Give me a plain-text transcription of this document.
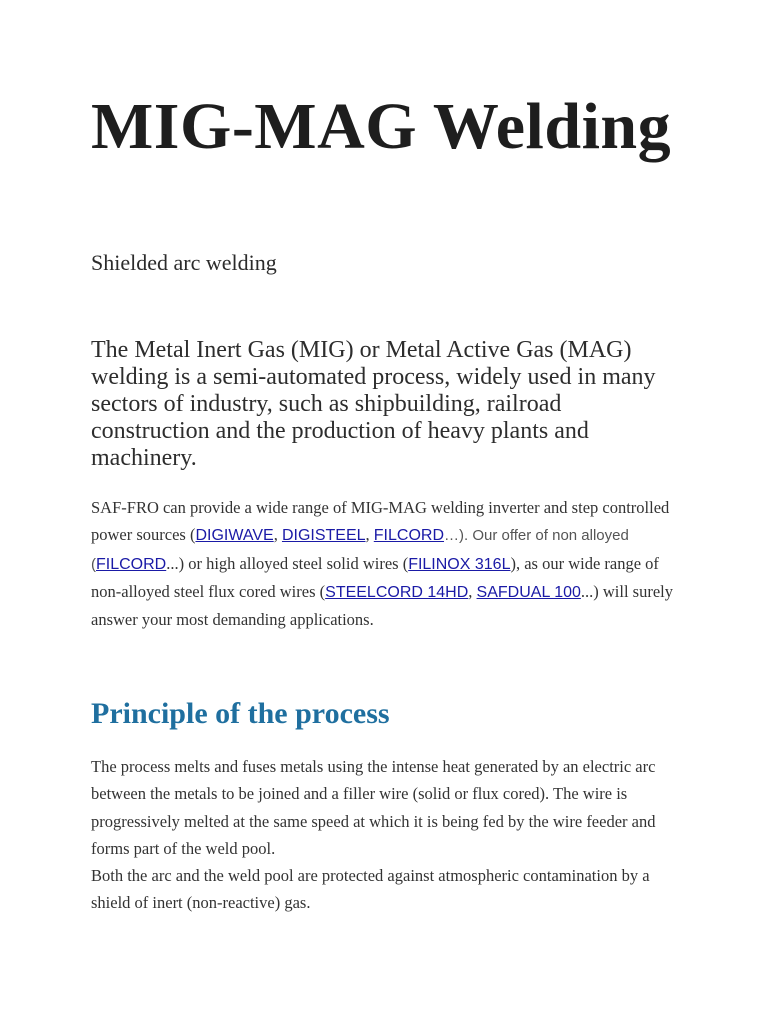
MIG-MAG Welding

Shielded arc welding

The Metal Inert Gas (MIG) or Metal Active Gas (MAG) welding is a semi-automated process, widely used in many sectors of industry, such as shipbuilding, railroad construction and the production of heavy plants and machinery.

SAF-FRO can provide a wide range of MIG-MAG welding inverter and step controlled power sources (DIGIWAVE, DIGISTEEL, FILCORD…). Our offer of non alloyed (FILCORD...) or high alloyed steel solid wires (FILINOX 316L), as our wide range of non-alloyed steel flux cored wires (STEELCORD 14HD, SAFDUAL 100...) will surely answer your most demanding applications.

Principle of the process

The process melts and fuses metals using the intense heat generated by an electric arc between the metals to be joined and a filler wire (solid or flux cored). The wire is progressively melted at the same speed at which it is being fed by the wire feeder and forms part of the weld pool.
Both the arc and the weld pool are protected against atmospheric contamination by a shield of inert (non-reactive) gas.
